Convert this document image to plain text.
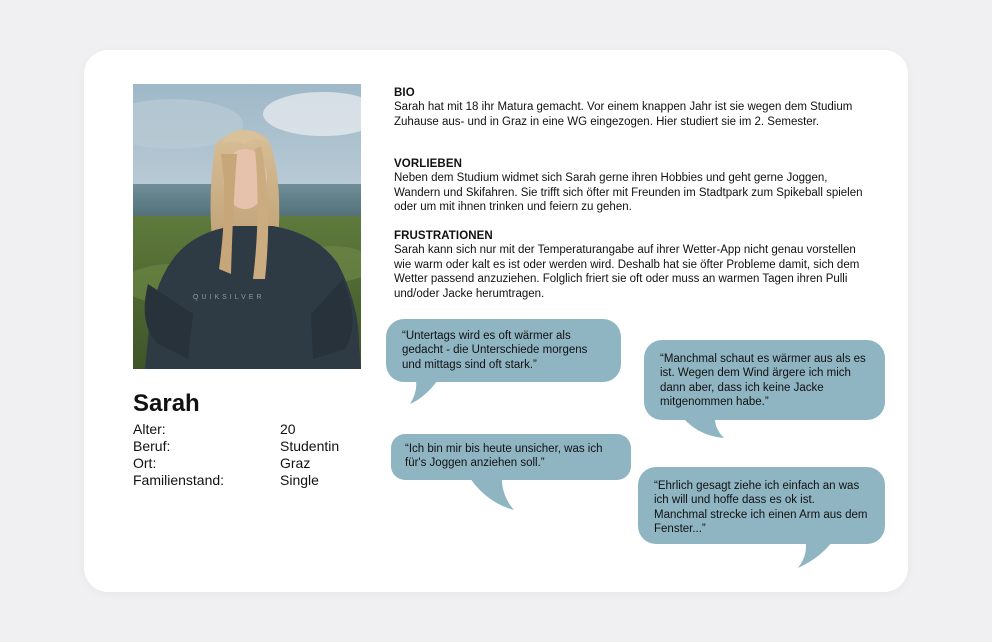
QUIKSILVER
Sarah
Alter:	20
Beruf:	Studentin
Ort:	Graz
Familienstand:	Single
BIO

Sarah hat mit 18 ihr Matura gemacht. Vor einem knappen Jahr ist sie wegen dem Studium Zuhause aus- und in Graz in eine WG eingezogen. Hier studiert sie im 2. Semester.

VORLIEBEN

Neben dem Studium widmet sich Sarah gerne ihren Hobbies und geht gerne Joggen, Wandern und Skifahren. Sie trifft sich öfter mit Freunden im Stadtpark zum Spikeball spielen oder um mit ihnen trinken und feiern zu gehen.

FRUSTRATIONEN

Sarah kann sich nur mit der Temperaturangabe auf ihrer Wetter-App nicht genau vorstellen wie warm oder kalt es ist oder werden wird. Deshalb hat sie öfter Probleme damit, sich dem Wetter passend anzuziehen. Folglich friert sie oft oder muss an warmen Tagen ihren Pulli und/oder Jacke herumtragen.

“Untertags wird es oft wärmer als gedacht - die Unterschiede morgens und mittags sind oft stark.”	“Manchmal schaut es wärmer aus als es ist. Wegen dem Wind ärgere ich mich dann aber, dass ich keine Jacke mitgenommen habe.”
“Ich bin mir bis heute unsicher, was ich für's Joggen anziehen soll.”
“Ehrlich gesagt ziehe ich einfach an was ich will und hoffe dass es ok ist. Manchmal strecke ich einen Arm aus dem Fenster...”
